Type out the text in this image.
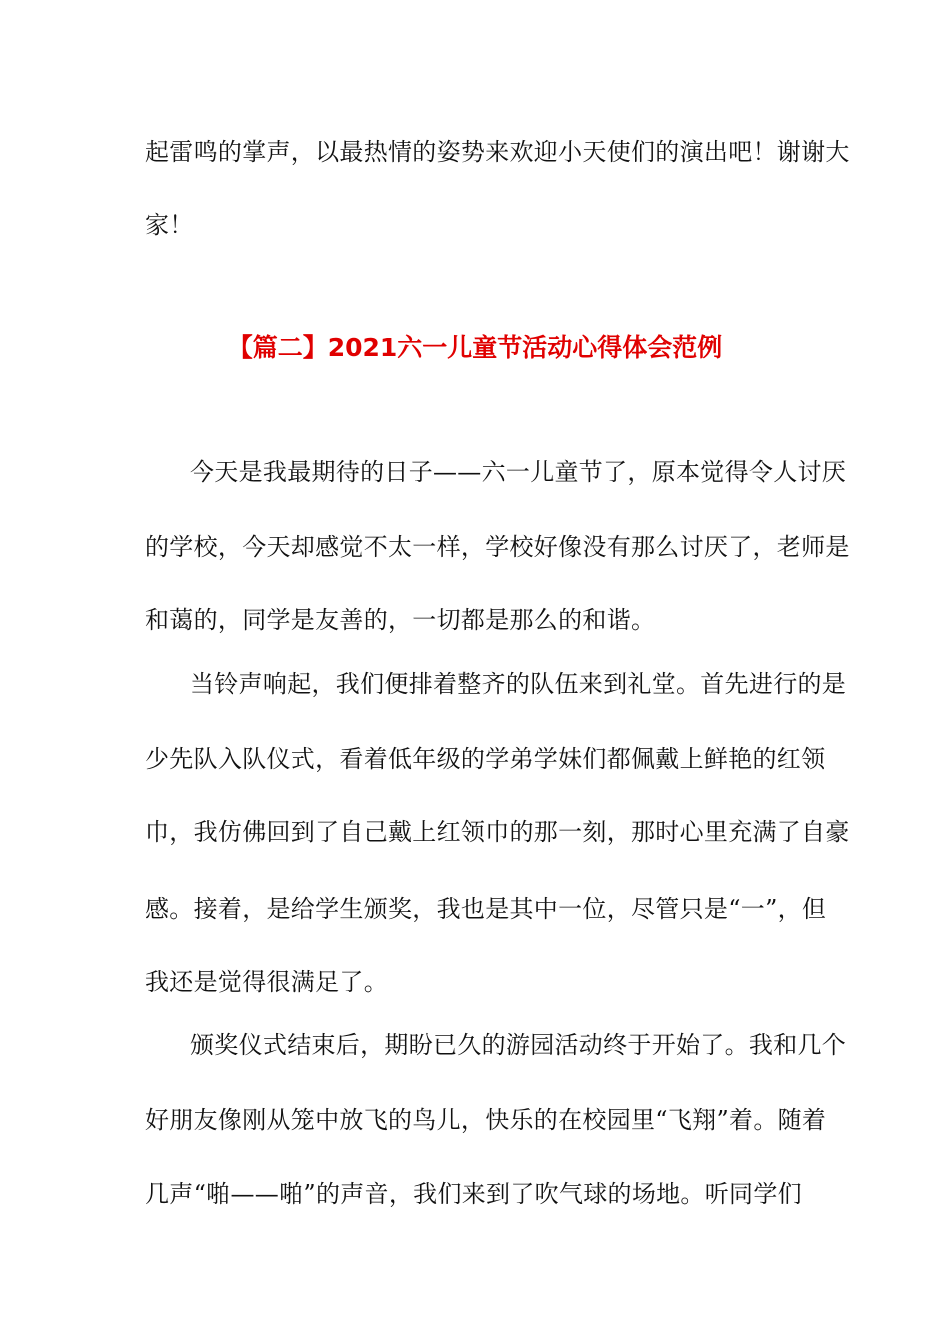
起雷鸣的掌声，以最热情的姿势来欢迎小天使们的演出吧！谢谢大
家！
【篇二】2021六一儿童节活动心得体会范例
今天是我最期待的日子——六一儿童节了，原本觉得令人讨厌
的学校，今天却感觉不太一样，学校好像没有那么讨厌了，老师是
和蔼的，同学是友善的，一切都是那么的和谐。
当铃声响起，我们便排着整齐的队伍来到礼堂。首先进行的是
少先队入队仪式，看着低年级的学弟学妹们都佩戴上鲜艳的红领
巾，我仿佛回到了自己戴上红领巾的那一刻，那时心里充满了自豪
感。接着，是给学生颁奖，我也是其中一位，尽管只是“一”，但
我还是觉得很满足了。
颁奖仪式结束后，期盼已久的游园活动终于开始了。我和几个
好朋友像刚从笼中放飞的鸟儿，快乐的在校园里“飞翔”着。随着
几声“啪——啪”的声音，我们来到了吹气球的场地。听同学们
